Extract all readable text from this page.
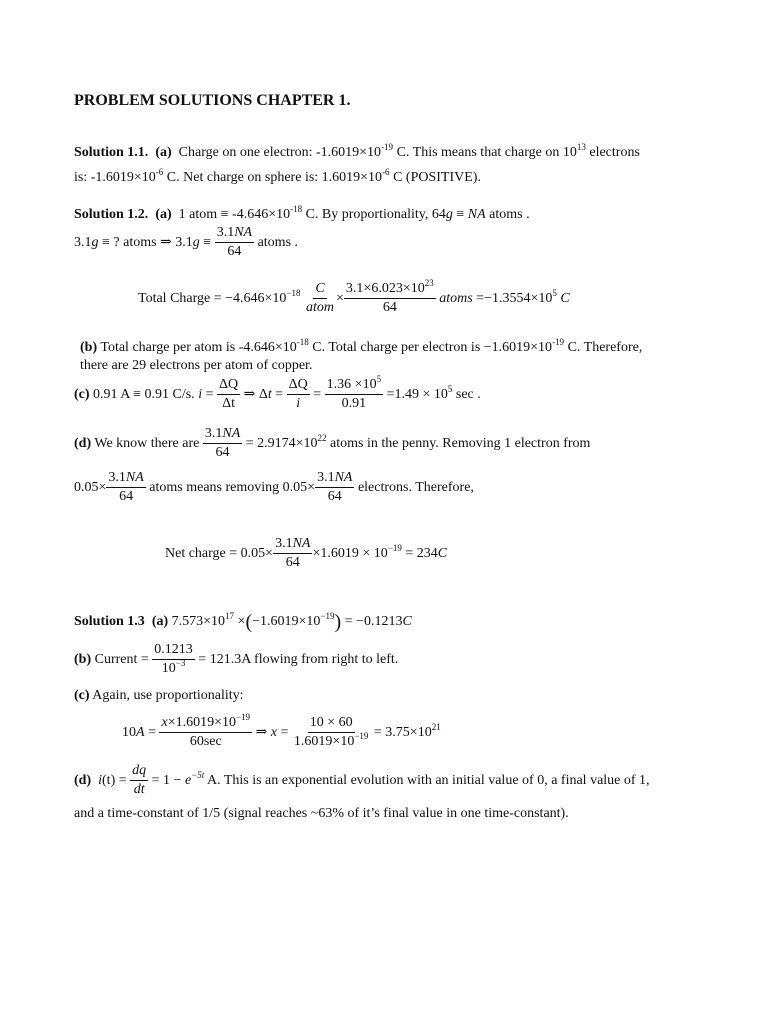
PROBLEM SOLUTIONS CHAPTER 1.
Solution 1.1. (a) Charge on one electron: $-1.6019\times 10^{-19}$ C. This means that charge on $10^{13}$ electrons
is: $-1.6019\times 10^{-6}$ C. Net charge on sphere is: $1.6019\times 10^{-6}$ C (POSITIVE).
Solution 1.2. (a) 1 atom ≡ $-4.646\times 10^{-18}$ C. By proportionality, 64g ≡ NA atoms .
3.1g ≡ ? atoms ⇒ $3.1g \equiv \frac{3.1NA}{64}$ atoms .
Total Charge = $-4.646\times 10^{-18} \frac{C}{\text{atom}} \times \frac{3.1\times 6.023\times 10^{23}}{64}$ atoms $=-1.3554\times 10^5$ C
(b) Total charge per atom is $-4.646\times 10^{-18}$ C. Total charge per electron is $-1.6019\times 10^{-19}$ C. Therefore,
there are 29 electrons per atom of copper.
(c) 0.91 A ≡ 0.91 C/s. $i = \frac{\Delta Q}{\Delta t}$ ⇒ $\Delta t = \frac{\Delta Q}{i} = \frac{1.36 \times 10^5}{0.91} =1.49 \times 10^5$ sec .
(d) We know there are $\frac{3.1NA}{64} = 2.9174\times 10^{22}$ atoms in the penny. Removing 1 electron from
$0.05\times \frac{3.1NA}{64}$ atoms means removing $0.05\times \frac{3.1NA}{64}$ electrons. Therefore,
Net charge = $0.05\times \frac{3.1NA}{64} \times 1.6019 \times 10^{-19} = 234C$
Solution 1.3 (a) $7.573\times 10^{17} \times(-1.6019\times 10^{-19}) = -0.1213C$
(b) Current = $\frac{0.1213}{10^{-3}} = 121.3A$ flowing from right to left.
(c) Again, use proportionality:
$10A = \frac{x\times 1.6019\times 10^{-19}}{60\sec}$ ⇒ $x = \frac{10 \times 60}{1.6019\times 10^{-19}} = 3.75\times 10^{21}$
(d) $i(t) = \frac{dq}{dt} = 1 - e^{-5t}$ A. This is an exponential evolution with an initial value of 0, a final value of 1,
and a time-constant of 1/5 (signal reaches ~63% of it’s final value in one time-constant).
